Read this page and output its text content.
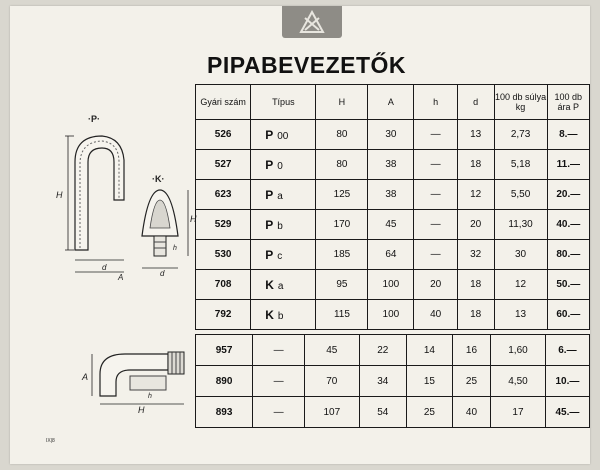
PIPABEVEZETŐK
·P·
H
d
A
·K·
H
h
d
Gyári szám	Típus	H	A	h	d	100 db súlya kg	100 db ára P
526	P 00	80	30	—	13	2,73	8.—
527	P 0	80	38	—	18	5,18	11.—
623	P a	125	38	—	12	5,50	20.—
529	P b	170	45	—	20	11,30	40.—
530	P c	185	64	—	32	30	80.—
708	K a	95	100	20	18	12	50.—
792	K b	115	100	40	18	13	60.—
A
H
h
957	—	45	22	14	16	1,60	6.—
890	—	70	34	15	25	4,50	10.—
893	—	107	54	25	40	17	45.—
IX|8
